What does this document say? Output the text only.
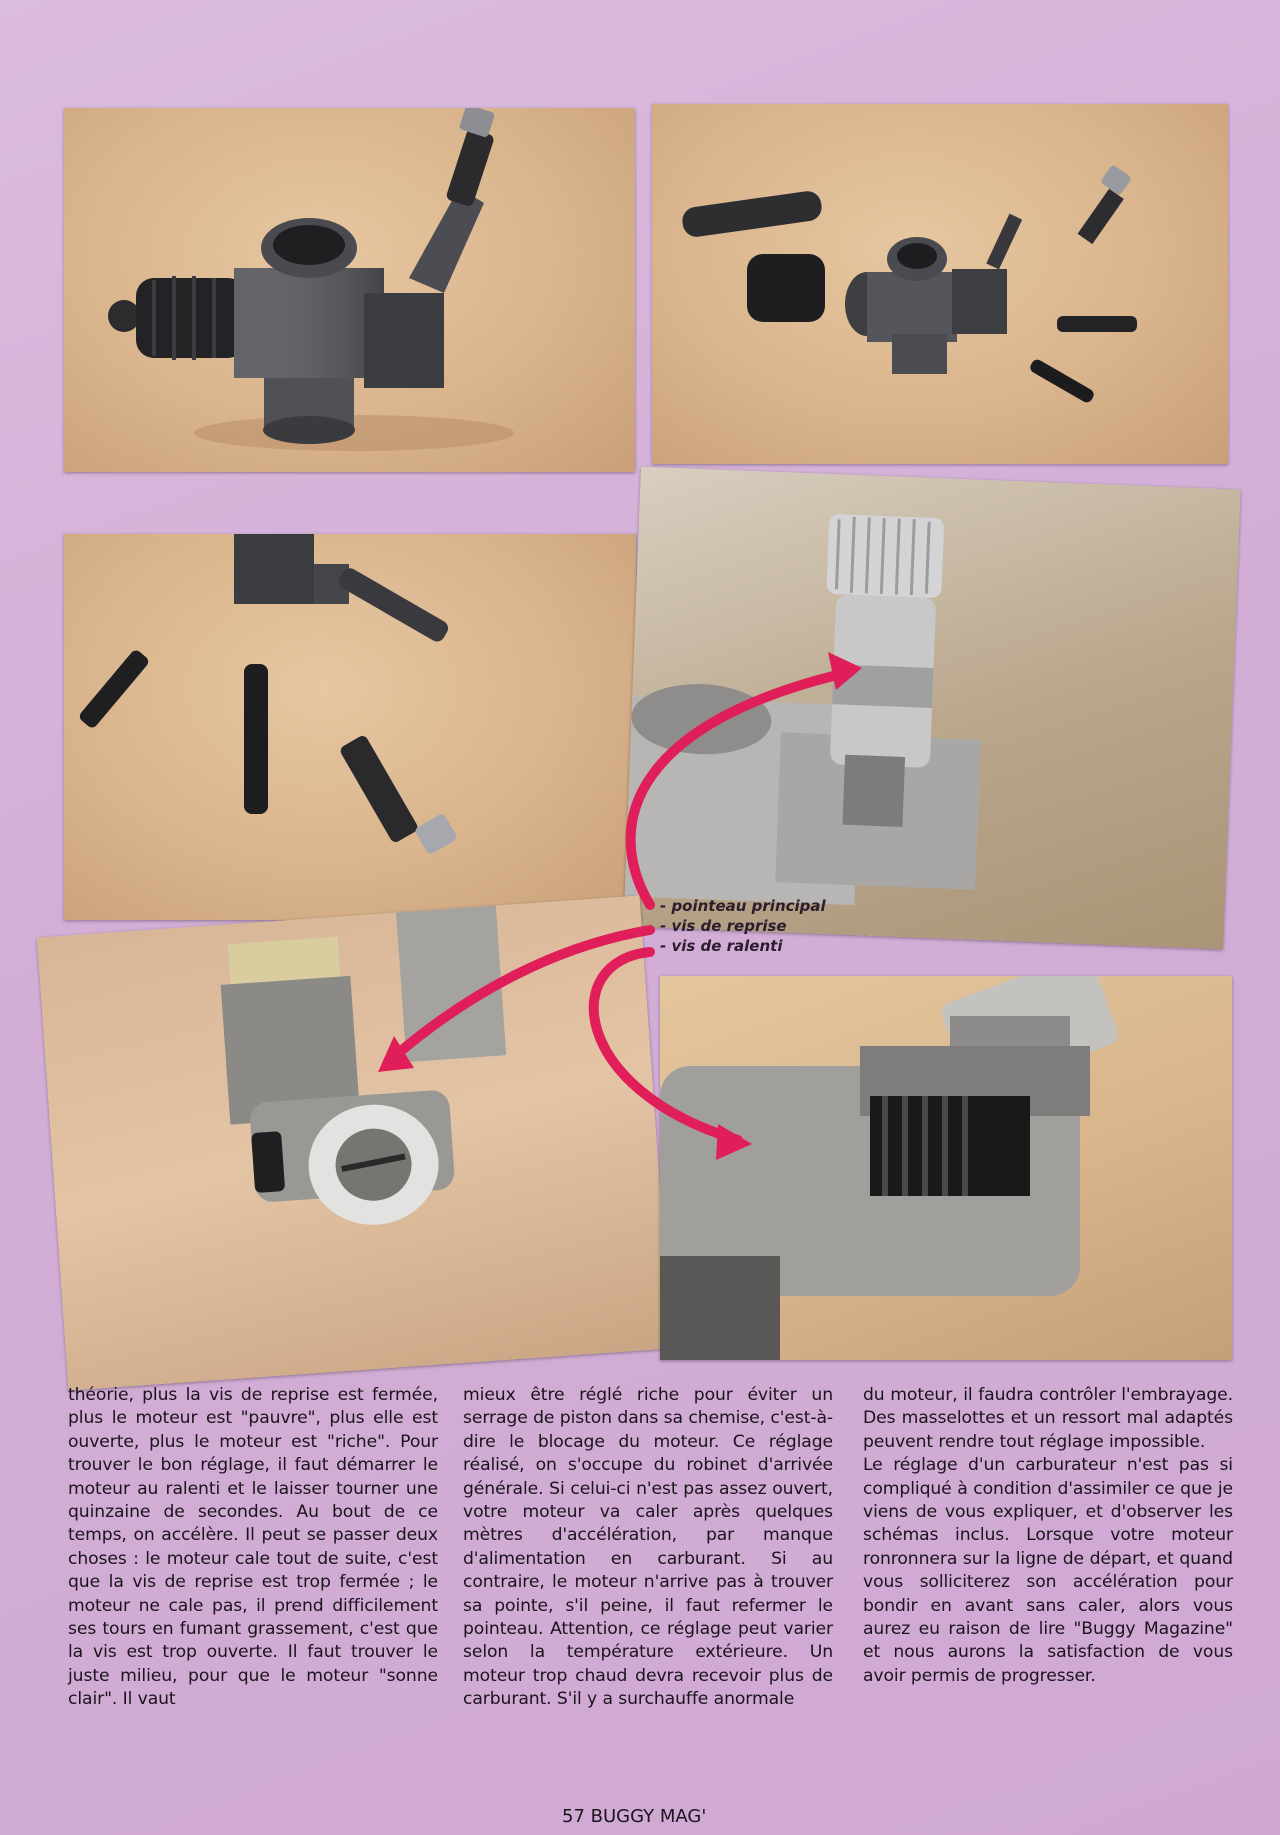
- pointeau principal
- vis de reprise
- vis de ralenti

théorie, plus la vis de reprise est fermée, plus le moteur est "pauvre", plus elle est ouverte, plus le moteur est "riche". Pour trouver le bon réglage, il faut démarrer le moteur au ralenti et le laisser tourner une quinzaine de secondes. Au bout de ce temps, on accélère. Il peut se passer deux choses : le moteur cale tout de suite, c'est que la vis de reprise est trop fermée ; le moteur ne cale pas, il prend difficilement ses tours en fumant grassement, c'est que la vis est trop ouverte. Il faut trouver le juste milieu, pour que le moteur "sonne clair". Il vaut

mieux être réglé riche pour éviter un serrage de piston dans sa chemise, c'est-à-dire le blocage du moteur. Ce réglage réalisé, on s'occupe du robinet d'arrivée générale. Si celui-ci n'est pas assez ouvert, votre moteur va caler après quelques mètres d'accélération, par manque d'alimentation en carburant. Si au contraire, le moteur n'arrive pas à trouver sa pointe, s'il peine, il faut refermer le pointeau. Attention, ce réglage peut varier selon la température extérieure. Un moteur trop chaud devra recevoir plus de carburant. S'il y a surchauffe anormale

du moteur, il faudra contrôler l'embrayage. Des masselottes et un ressort mal adaptés peuvent rendre tout réglage impossible.

Le réglage d'un carburateur n'est pas si compliqué à condition d'assimiler ce que je viens de vous expliquer, et d'observer les schémas inclus. Lorsque votre moteur ronronnera sur la ligne de départ, et quand vous solliciterez son accélération pour bondir en avant sans caler, alors vous aurez eu raison de lire "Buggy Magazine" et nous aurons la satisfaction de vous avoir permis de progresser.

57 BUGGY MAG'
